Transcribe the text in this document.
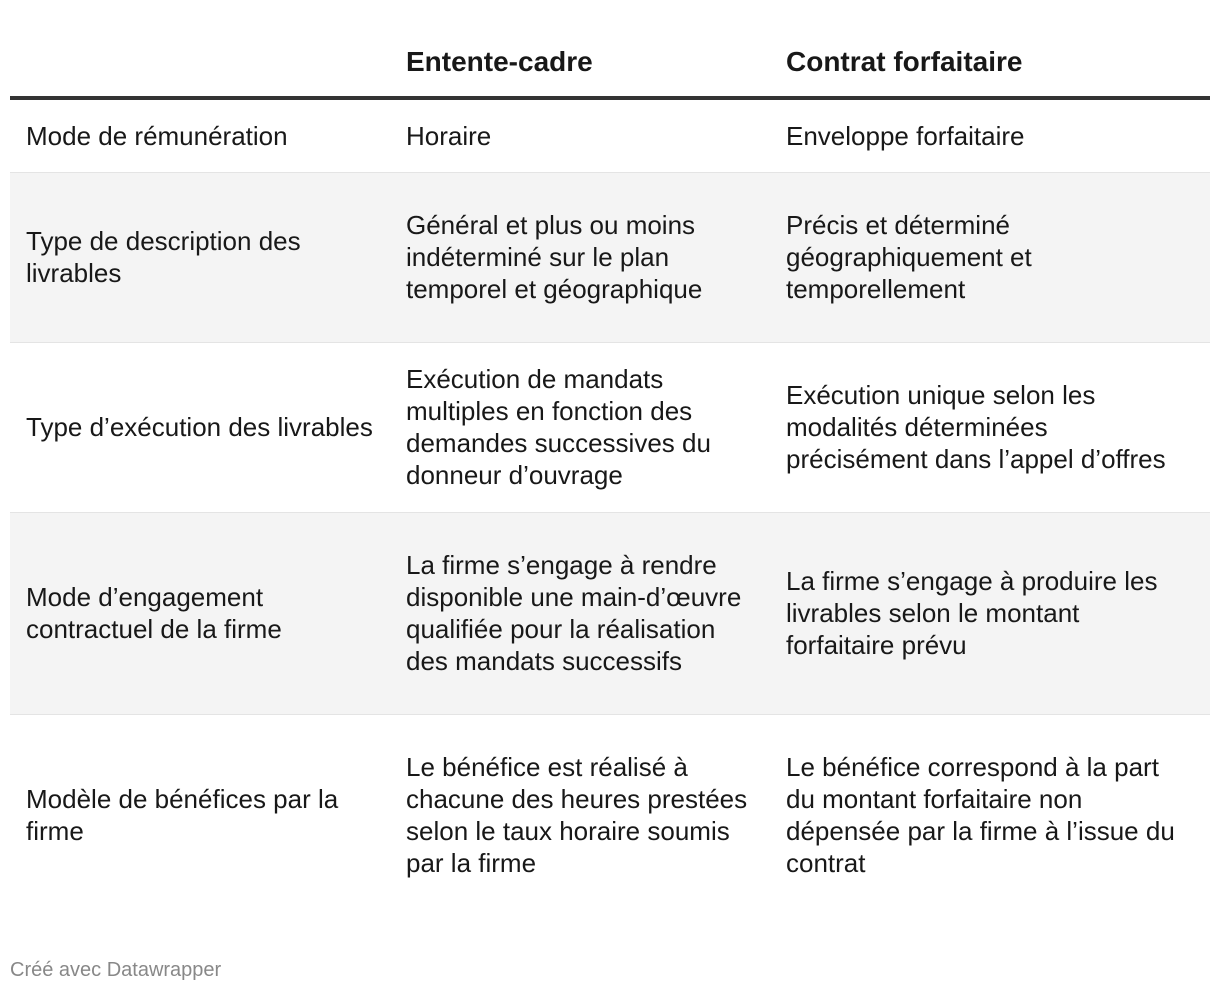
	Entente-cadre	Contrat forfaitaire
Mode de rémunération	Horaire	Enveloppe forfaitaire
Type de description des livrables	Général et plus ou moins indéterminé sur le plan temporel et géographique	Précis et déterminé géographiquement et temporellement
Type d’exécution des livrables	Exécution de mandats multiples en fonction des demandes successives du donneur d’ouvrage	Exécution unique selon les modalités déterminées précisément dans l’appel d’offres
Mode d’engagement contractuel de la firme	La firme s’engage à rendre disponible une main-d’œuvre qualifiée pour la réalisation des mandats successifs	La firme s’engage à produire les livrables selon le montant forfaitaire prévu
Modèle de bénéfices par la firme	Le bénéfice est réalisé à chacune des heures prestées selon le taux horaire soumis par la firme	Le bénéfice correspond à la part du montant forfaitaire non dépensée par la firme à l’issue du contrat
Créé avec Datawrapper
